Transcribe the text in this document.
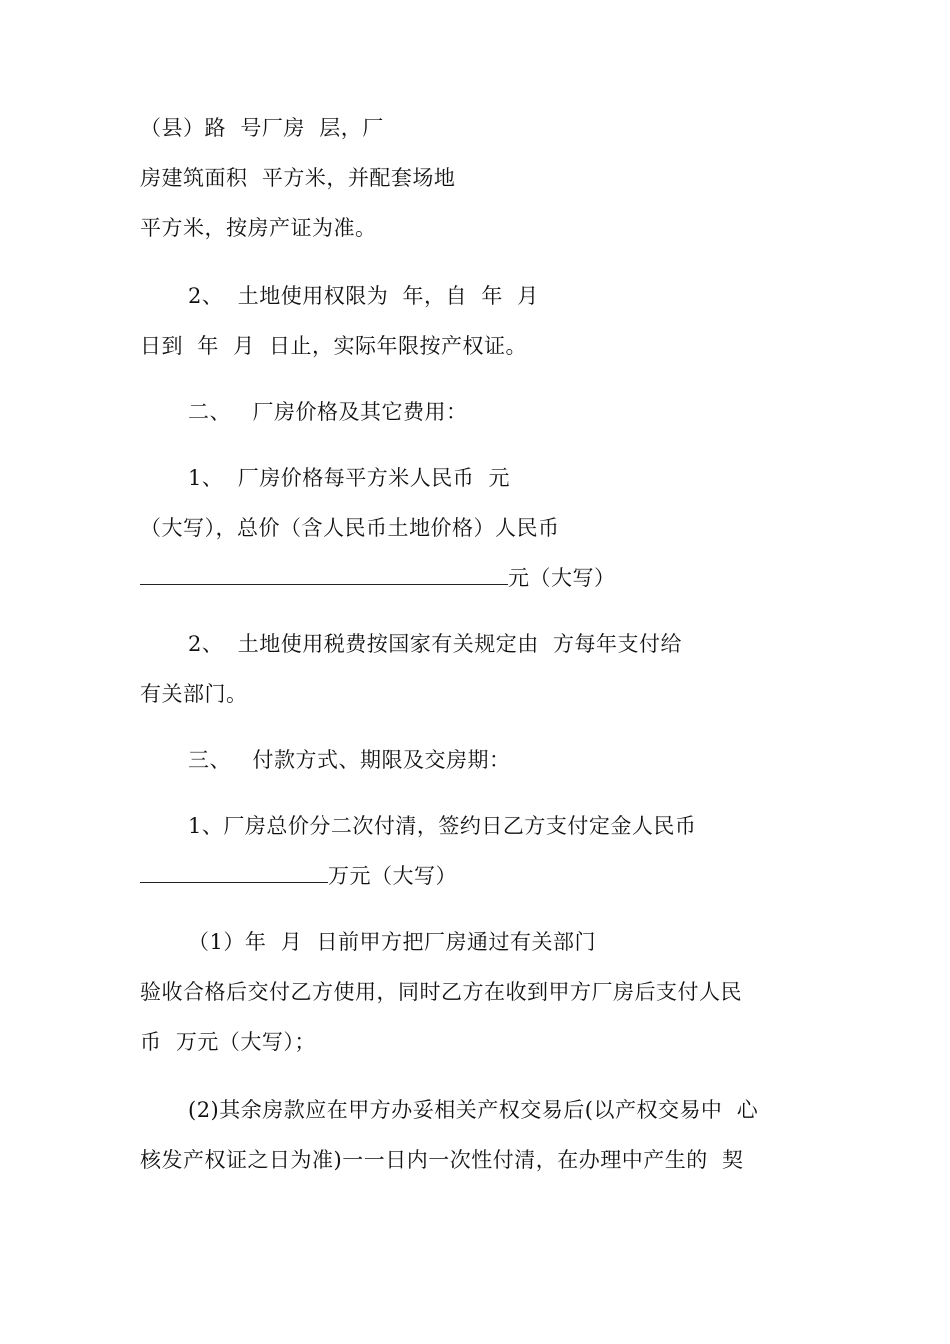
（县）路  号厂房  层，厂
房建筑面积  平方米，并配套场地
平方米，按房产证为准。
2、  土地使用权限为  年，自  年  月
日到  年  月  日止，实际年限按产权证。
二、   厂房价格及其它费用：
1、  厂房价格每平方米人民币  元
（大写），总价（含人民币土地价格）人民币
元（大写）
2、  土地使用税费按国家有关规定由  方每年支付给
有关部门。
三、   付款方式、期限及交房期：
1、厂房总价分二次付清，签约日乙方支付定金人民币
万元（大写）
（1）年  月  日前甲方把厂房通过有关部门
验收合格后交付乙方使用，同时乙方在收到甲方厂房后支付人民
币  万元（大写）；
(2)其余房款应在甲方办妥相关产权交易后(以产权交易中  心
核发产权证之日为准)一一日内一次性付清，在办理中产生的  契
